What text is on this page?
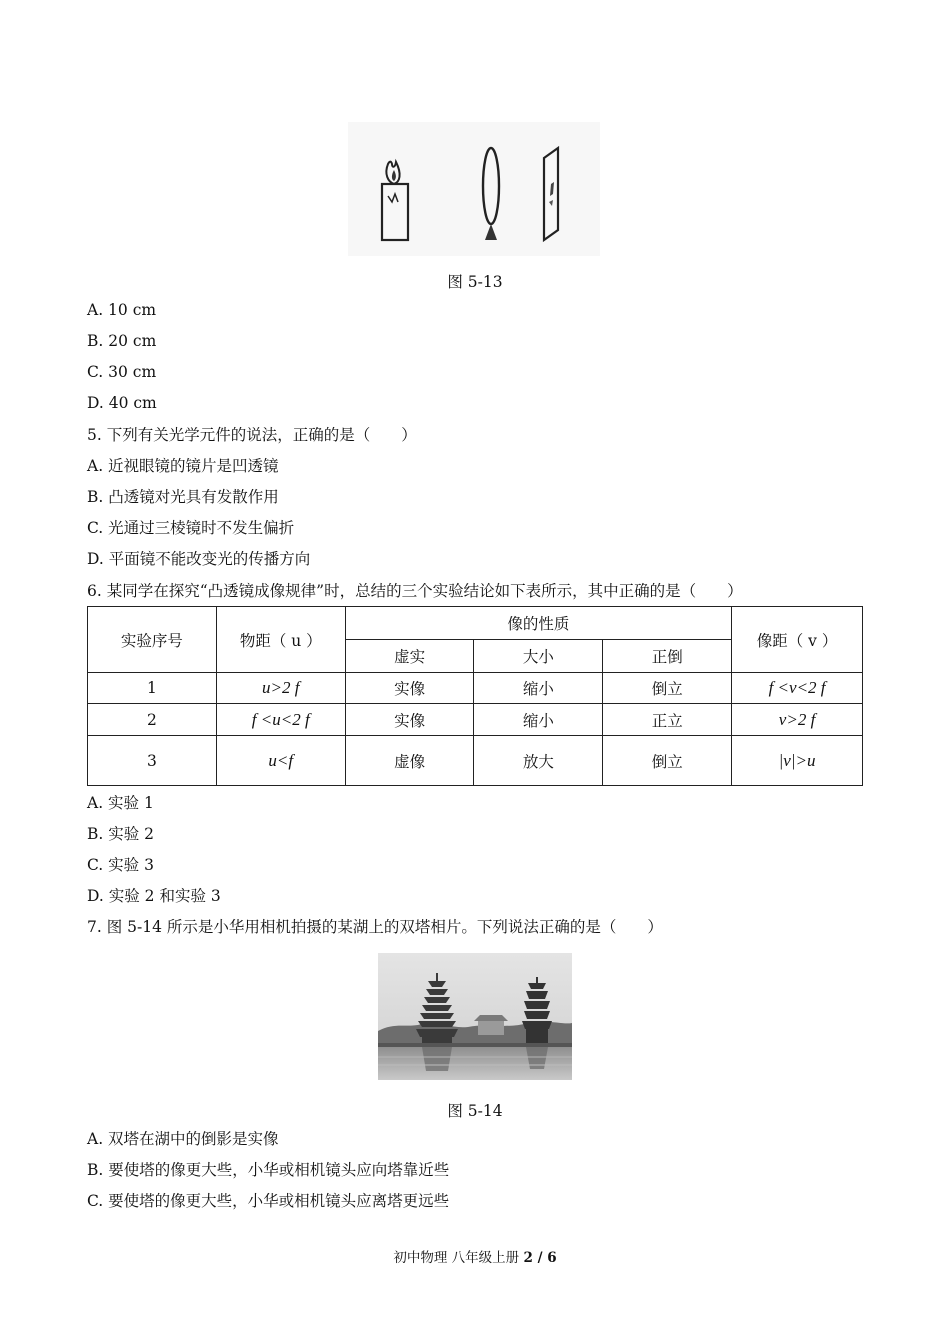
图 5-13
A. 10 cm
B. 20 cm
C. 30 cm
D. 40 cm
5. 下列有关光学元件的说法，正确的是（　　）
A. 近视眼镜的镜片是凹透镜
B. 凸透镜对光具有发散作用
C. 光通过三棱镜时不发生偏折
D. 平面镜不能改变光的传播方向
6. 某同学在探究“凸透镜成像规律”时，总结的三个实验结论如下表所示，其中正确的是（　　）
实验序号	物距（ u ）	像的性质			像距（ v ）
		虚实	大小	正倒	
1	u>2 f	实像	缩小	倒立	f <v<2 f
2	f <u<2 f	实像	缩小	正立	v>2 f
3	u<f	虚像	放大	倒立	|v|>u
A. 实验 1
B. 实验 2
C. 实验 3
D. 实验 2 和实验 3
7. 图 5-14 所示是小华用相机拍摄的某湖上的双塔相片。下列说法正确的是（　　）
图 5-14
A. 双塔在湖中的倒影是实像
B. 要使塔的像更大些，小华或相机镜头应向塔靠近些
C. 要使塔的像更大些，小华或相机镜头应离塔更远些
初中物理 八年级上册 2 / 6
